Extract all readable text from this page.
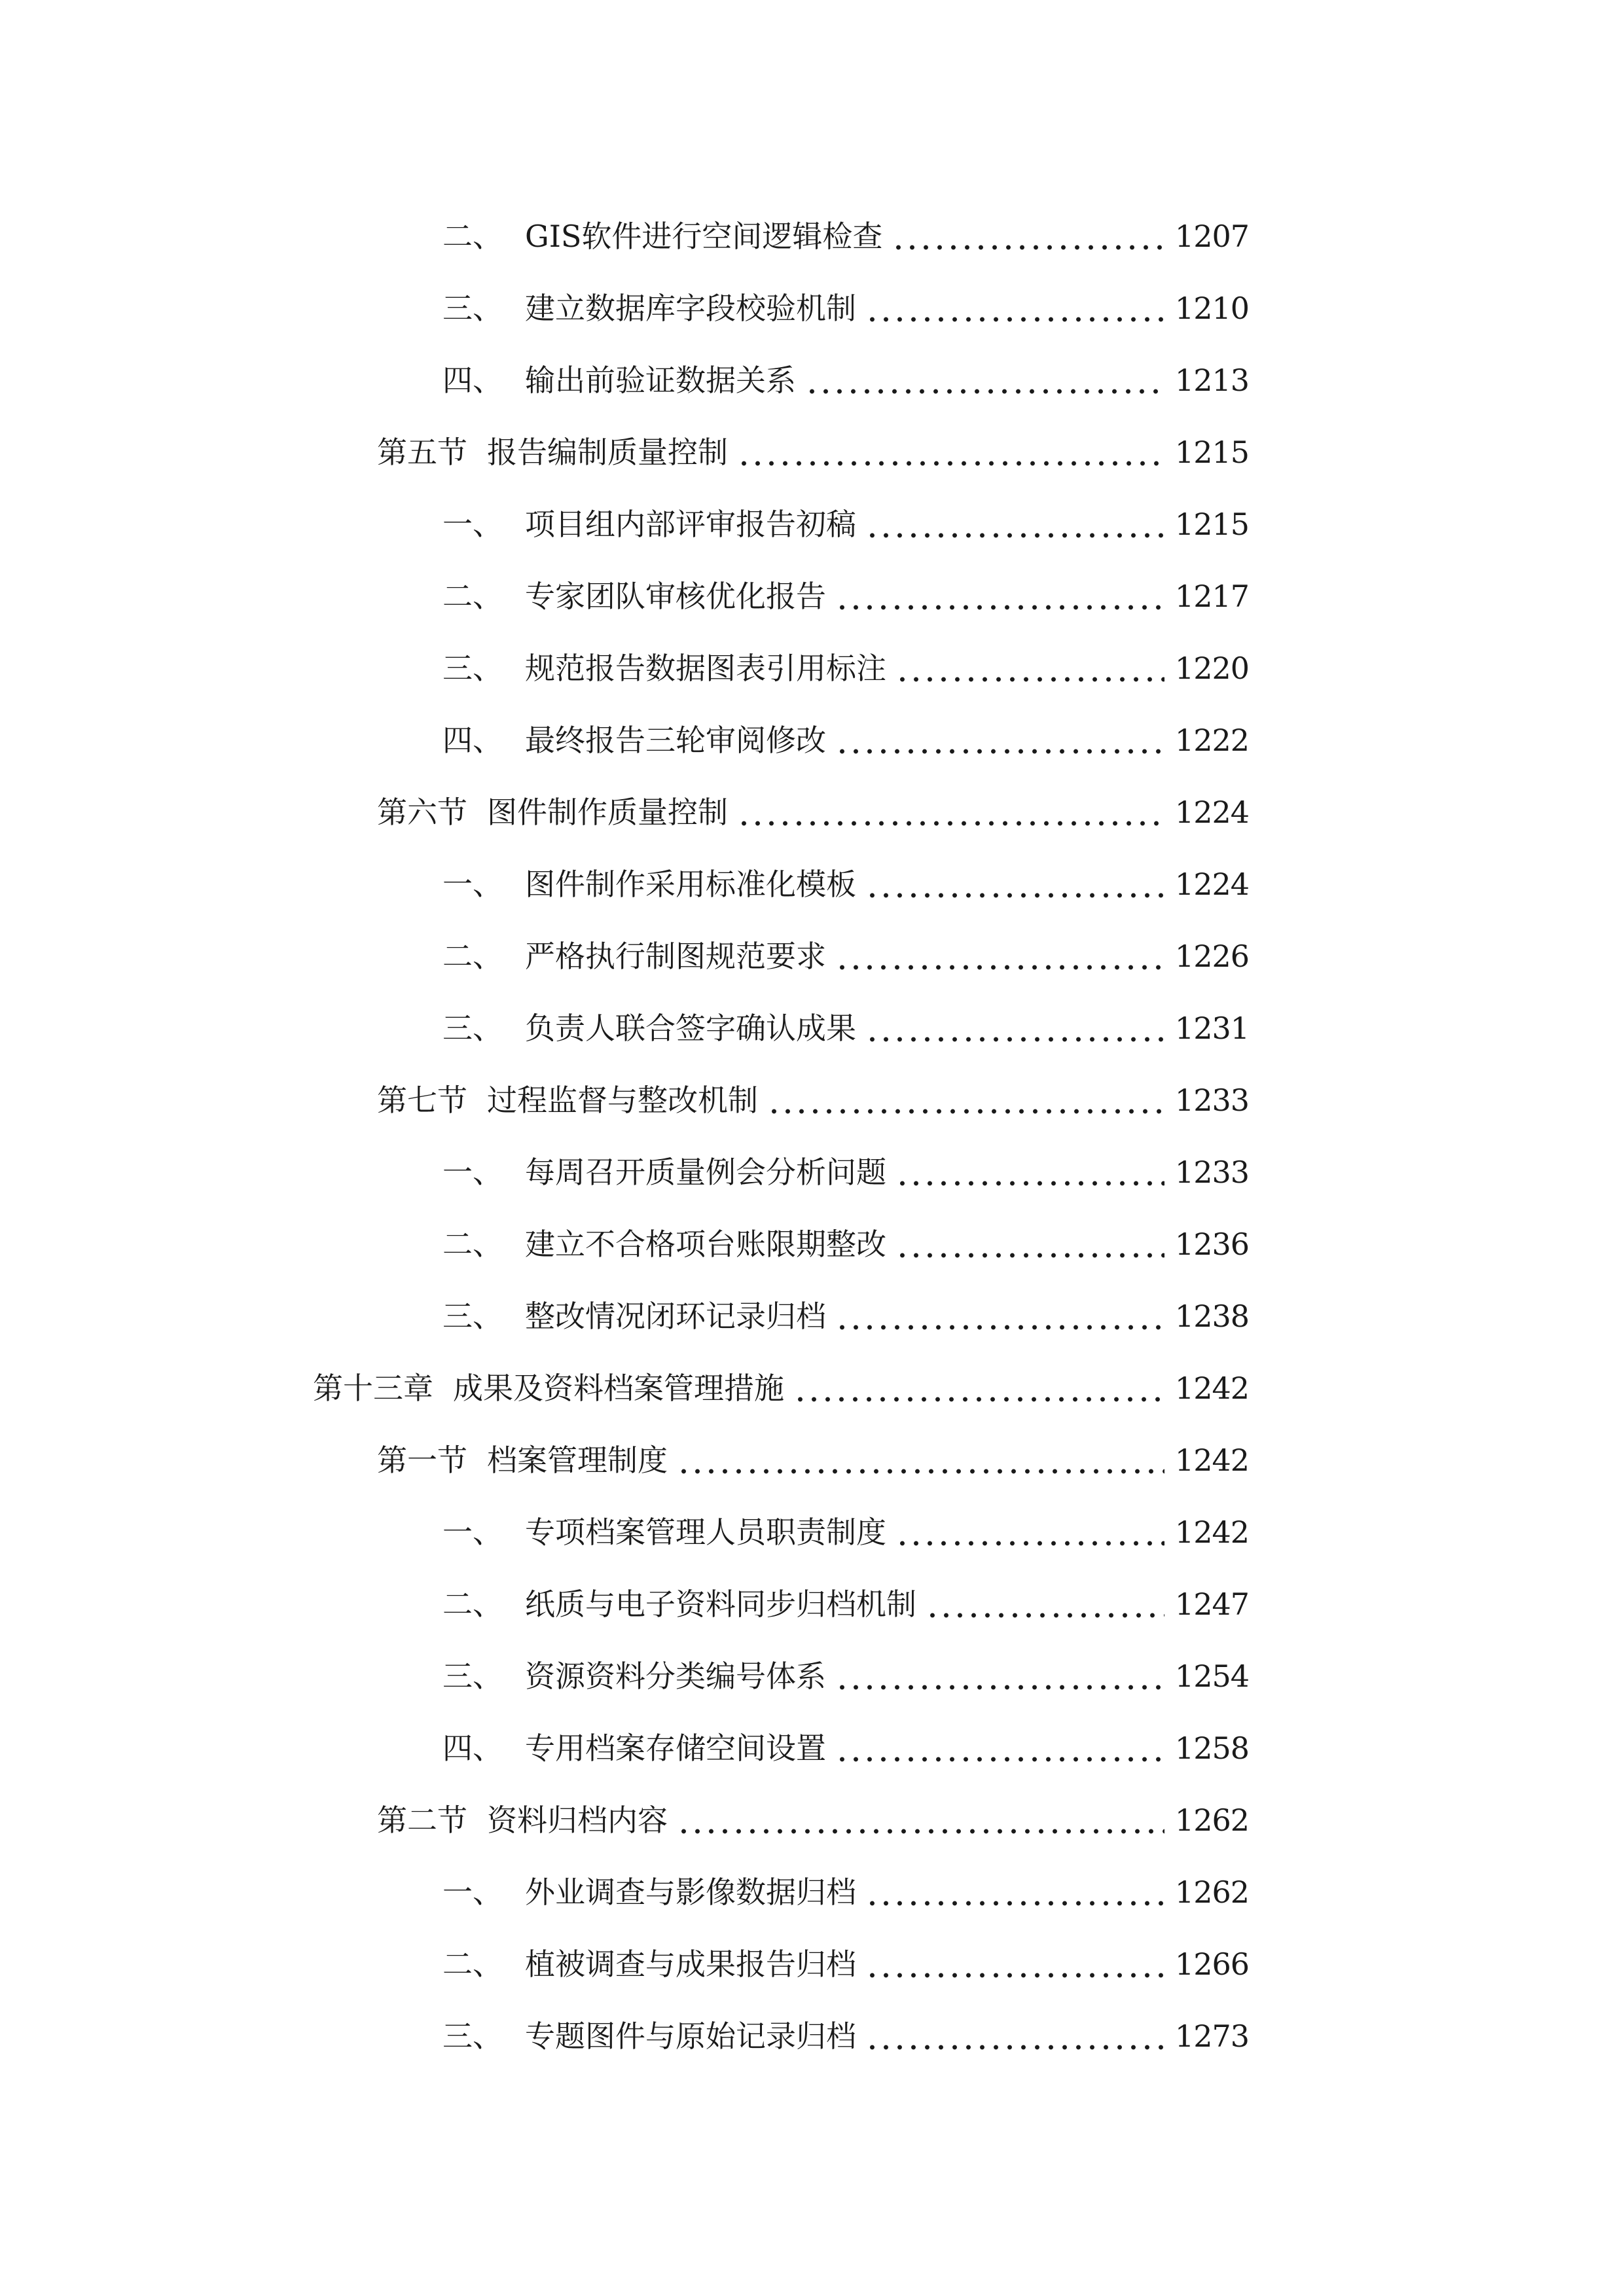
二、 GIS软件进行空间逻辑检查	1207
三、 建立数据库字段校验机制	1210
四、 输出前验证数据关系	1213
第五节 报告编制质量控制	1215
一、 项目组内部评审报告初稿	1215
二、 专家团队审核优化报告	1217
三、 规范报告数据图表引用标注	1220
四、 最终报告三轮审阅修改	1222
第六节 图件制作质量控制	1224
一、 图件制作采用标准化模板	1224
二、 严格执行制图规范要求	1226
三、 负责人联合签字确认成果	1231
第七节 过程监督与整改机制	1233
一、 每周召开质量例会分析问题	1233
二、 建立不合格项台账限期整改	1236
三、 整改情况闭环记录归档	1238
第十三章 成果及资料档案管理措施	1242
第一节 档案管理制度	1242
一、 专项档案管理人员职责制度	1242
二、 纸质与电子资料同步归档机制	1247
三、 资源资料分类编号体系	1254
四、 专用档案存储空间设置	1258
第二节 资料归档内容	1262
一、 外业调查与影像数据归档	1262
二、 植被调查与成果报告归档	1266
三、 专题图件与原始记录归档	1273
